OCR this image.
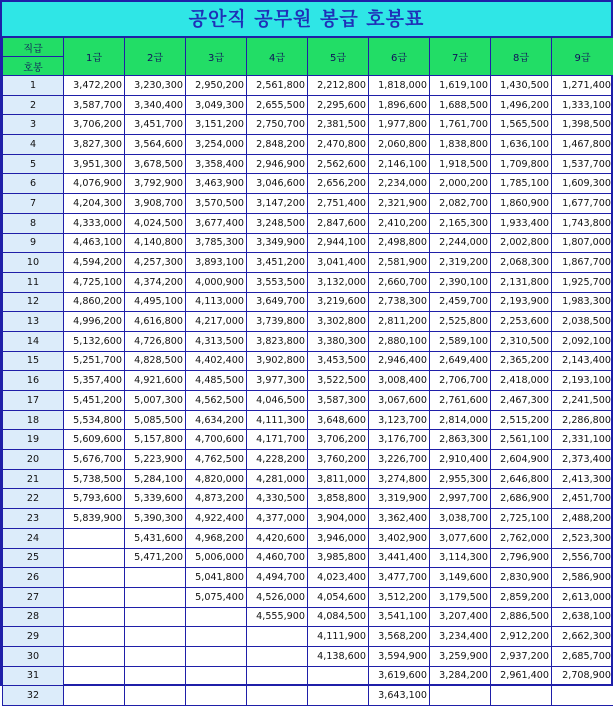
공안직 공무원 봉급 호봉표
직급	1급	2급	3급	4급	5급	6급	7급	8급	9급
호봉									
1	3,472,200	3,230,300	2,950,200	2,561,800	2,212,800	1,818,000	1,619,100	1,430,500	1,271,400
2	3,587,700	3,340,400	3,049,300	2,655,500	2,295,600	1,896,600	1,688,500	1,496,200	1,333,100
3	3,706,200	3,451,700	3,151,200	2,750,700	2,381,500	1,977,800	1,761,700	1,565,500	1,398,500
4	3,827,300	3,564,600	3,254,000	2,848,200	2,470,800	2,060,800	1,838,800	1,636,100	1,467,800
5	3,951,300	3,678,500	3,358,400	2,946,900	2,562,600	2,146,100	1,918,500	1,709,800	1,537,700
6	4,076,900	3,792,900	3,463,900	3,046,600	2,656,200	2,234,000	2,000,200	1,785,100	1,609,300
7	4,204,300	3,908,700	3,570,500	3,147,200	2,751,400	2,321,900	2,082,700	1,860,900	1,677,700
8	4,333,000	4,024,500	3,677,400	3,248,500	2,847,600	2,410,200	2,165,300	1,933,400	1,743,800
9	4,463,100	4,140,800	3,785,300	3,349,900	2,944,100	2,498,800	2,244,000	2,002,800	1,807,000
10	4,594,200	4,257,300	3,893,100	3,451,200	3,041,400	2,581,900	2,319,200	2,068,300	1,867,700
11	4,725,100	4,374,200	4,000,900	3,553,500	3,132,000	2,660,700	2,390,100	2,131,800	1,925,700
12	4,860,200	4,495,100	4,113,000	3,649,700	3,219,600	2,738,300	2,459,700	2,193,900	1,983,300
13	4,996,200	4,616,800	4,217,000	3,739,800	3,302,800	2,811,200	2,525,800	2,253,600	2,038,500
14	5,132,600	4,726,800	4,313,500	3,823,800	3,380,300	2,880,100	2,589,100	2,310,500	2,092,100
15	5,251,700	4,828,500	4,402,400	3,902,800	3,453,500	2,946,400	2,649,400	2,365,200	2,143,400
16	5,357,400	4,921,600	4,485,500	3,977,300	3,522,500	3,008,400	2,706,700	2,418,000	2,193,100
17	5,451,200	5,007,300	4,562,500	4,046,500	3,587,300	3,067,600	2,761,600	2,467,300	2,241,500
18	5,534,800	5,085,500	4,634,200	4,111,300	3,648,600	3,123,700	2,814,000	2,515,200	2,286,800
19	5,609,600	5,157,800	4,700,600	4,171,700	3,706,200	3,176,700	2,863,300	2,561,100	2,331,100
20	5,676,700	5,223,900	4,762,500	4,228,200	3,760,200	3,226,700	2,910,400	2,604,900	2,373,400
21	5,738,500	5,284,100	4,820,000	4,281,000	3,811,000	3,274,800	2,955,300	2,646,800	2,413,300
22	5,793,600	5,339,600	4,873,200	4,330,500	3,858,800	3,319,900	2,997,700	2,686,900	2,451,700
23	5,839,900	5,390,300	4,922,400	4,377,000	3,904,000	3,362,400	3,038,700	2,725,100	2,488,200
24		5,431,600	4,968,200	4,420,600	3,946,000	3,402,900	3,077,600	2,762,000	2,523,300
25		5,471,200	5,006,000	4,460,700	3,985,800	3,441,400	3,114,300	2,796,900	2,556,700
26			5,041,800	4,494,700	4,023,400	3,477,700	3,149,600	2,830,900	2,586,900
27			5,075,400	4,526,000	4,054,600	3,512,200	3,179,500	2,859,200	2,613,000
28				4,555,900	4,084,500	3,541,100	3,207,400	2,886,500	2,638,100
29					4,111,900	3,568,200	3,234,400	2,912,200	2,662,300
30					4,138,600	3,594,900	3,259,900	2,937,200	2,685,700
31						3,619,600	3,284,200	2,961,400	2,708,900
32						3,643,100			
